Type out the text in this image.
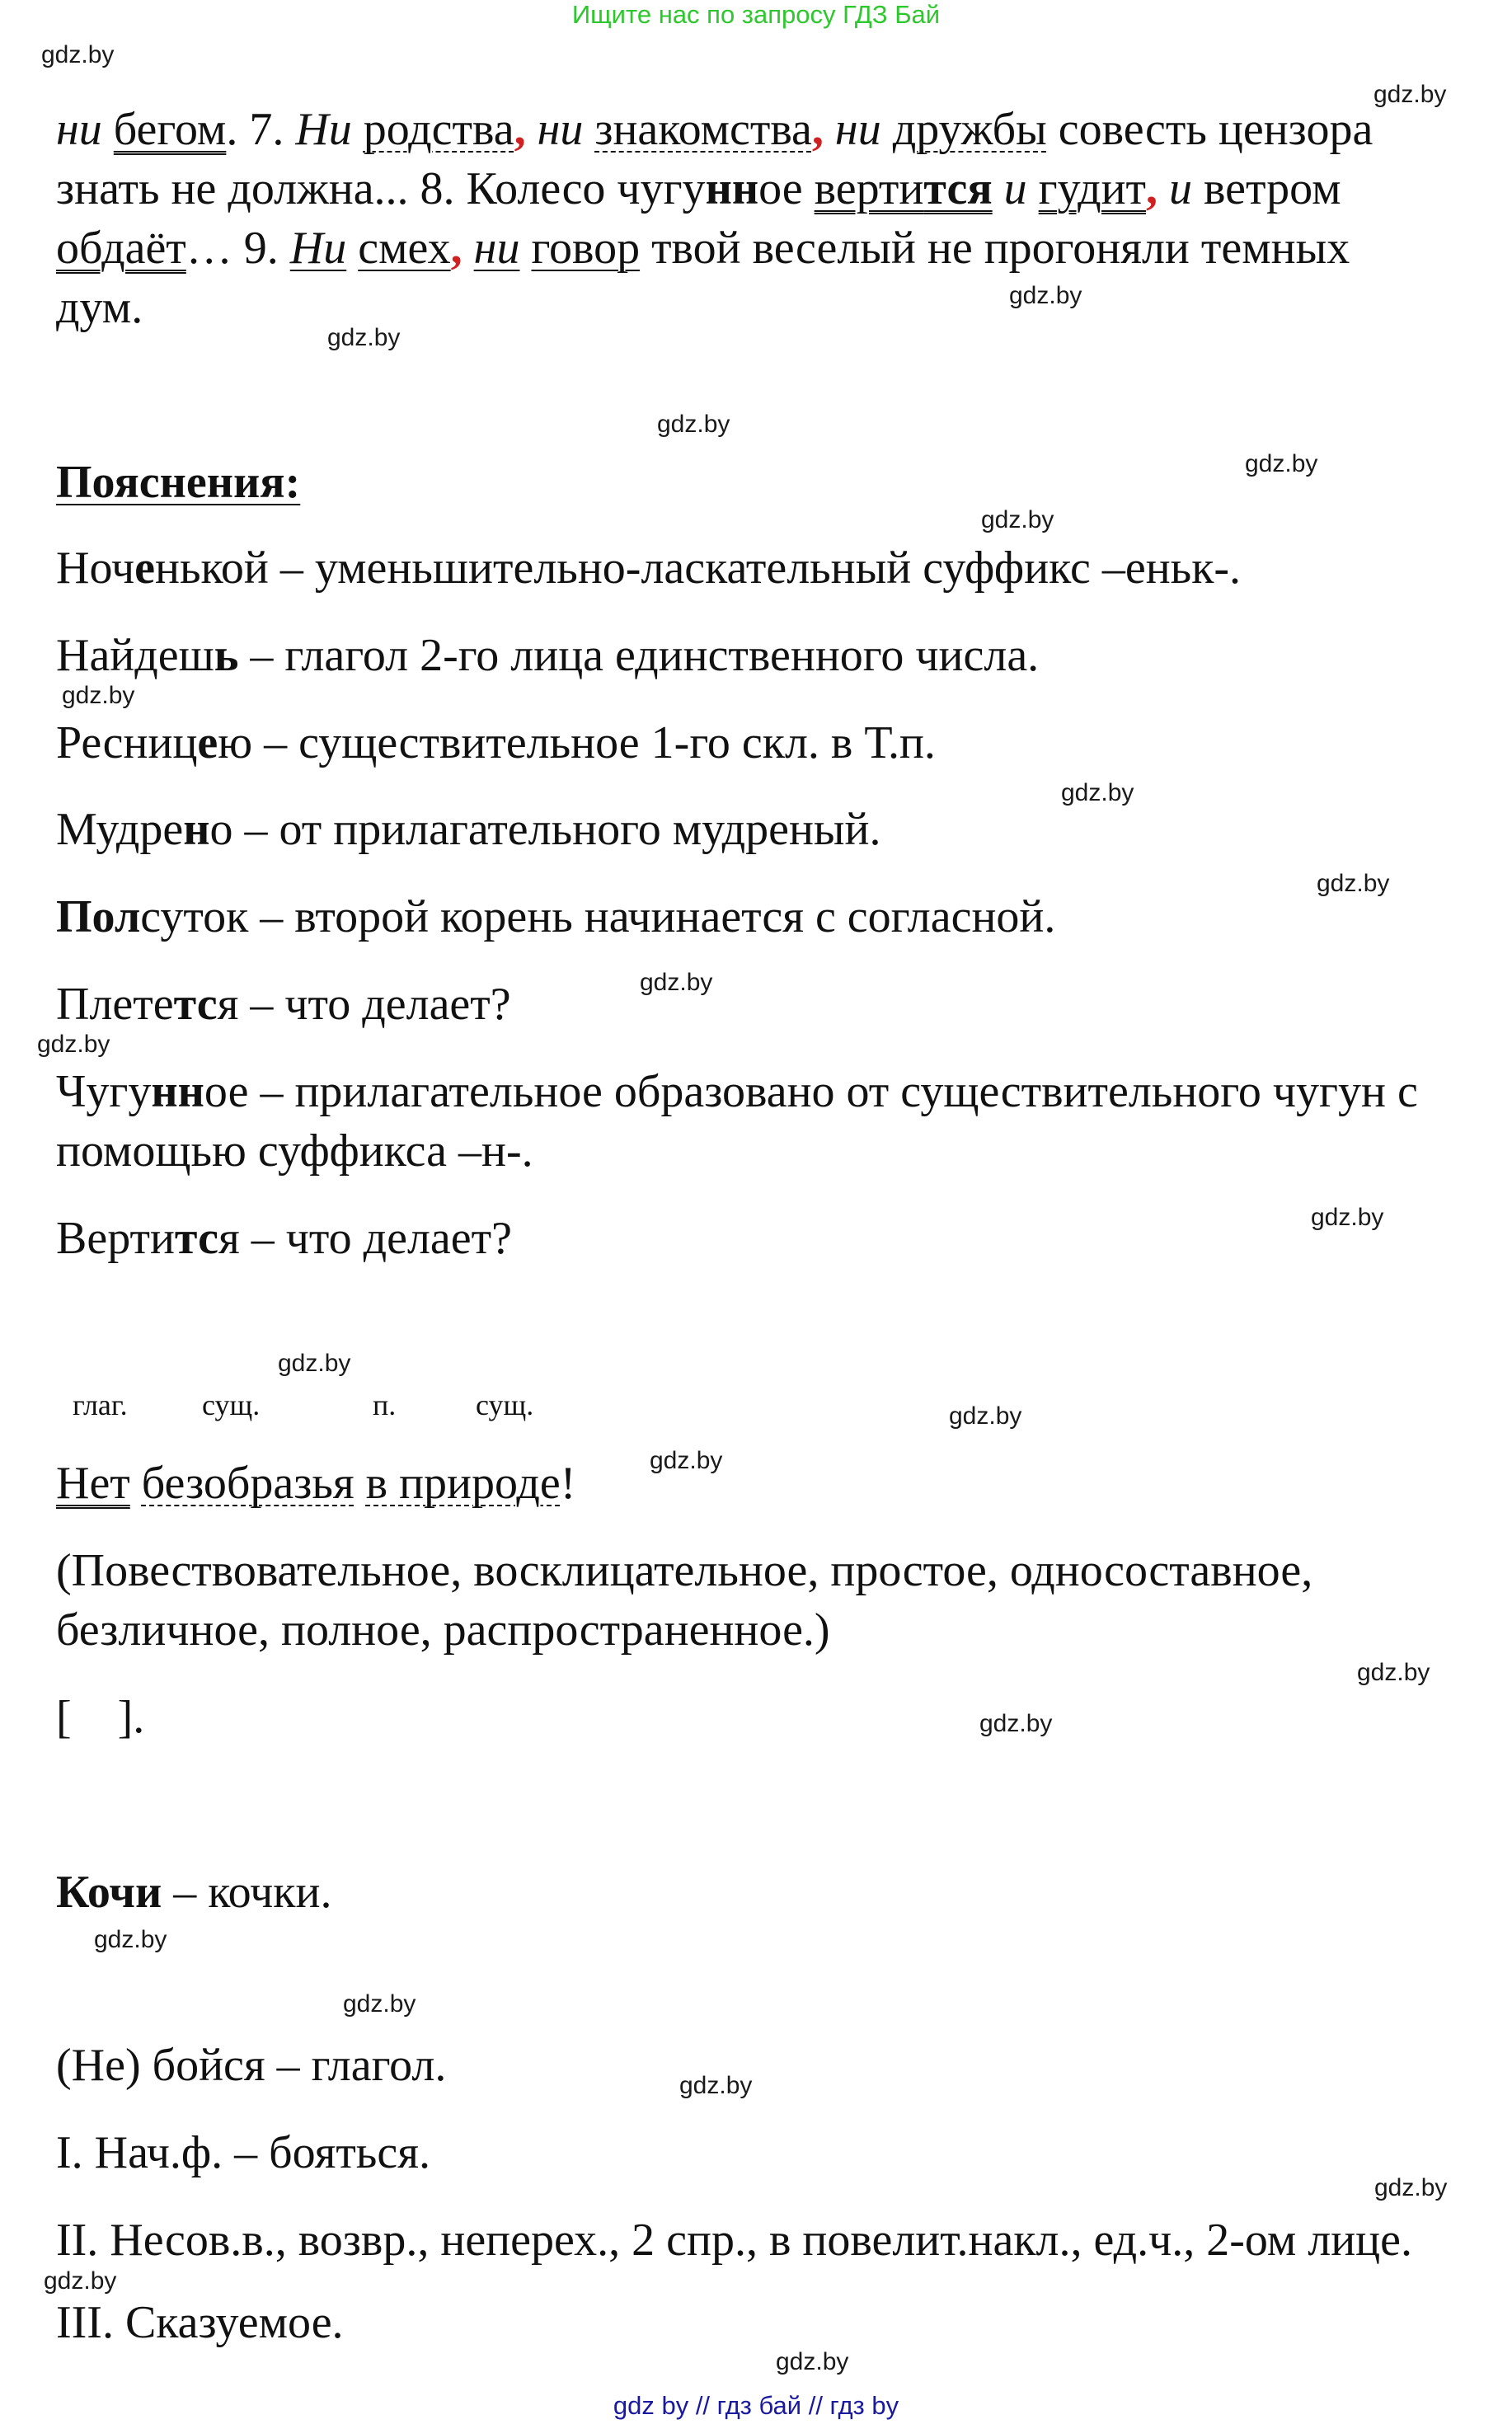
Ищите нас по запросу ГДЗ Бай
gdz.by
gdz.by
gdz.by
gdz.by
gdz.by
gdz.by
gdz.by
gdz.by
gdz.by
gdz.by
gdz.by
gdz.by
gdz.by
gdz.by
gdz.by
gdz.by
gdz.by
gdz.by
gdz.by
gdz.by
gdz.by
gdz.by
gdz.by
gdz.by
ни бегом. 7. Ни родства, ни знакомства, ни дружбы совесть цензора
знать не должна... 8. Колесо чугунное вертится и гудит, и ветром
обдаёт… 9. Ни смех, ни говор твой веселый не прогоняли темных
дум.
Пояснения:
Ноченькой – уменьшительно-ласкательный суффикс –еньк-.
Найдешь – глагол 2-го лица единственного числа.
Ресницею – существительное 1-го скл. в Т.п.
Мудрено – от прилагательного мудреный.
Полсуток – второй корень начинается с согласной.
Плетется – что делает?
Чугунное – прилагательное образовано от существительного чугун с
помощью суффикса –н-.
Вертится – что делает?
глаг.	сущ.	п.	сущ.
Нет безобразья в природе!
(Повествовательное, восклицательное, простое, односоставное,
безличное, полное, распространенное.)
[    ].
Кочи – кочки.
(Не) бойся – глагол.
I. Нач.ф. – бояться.
II. Несов.в., возвр., неперех., 2 спр., в повелит.накл., ед.ч., 2-ом лице.
III. Сказуемое.
gdz by // гдз бай // гдз by
